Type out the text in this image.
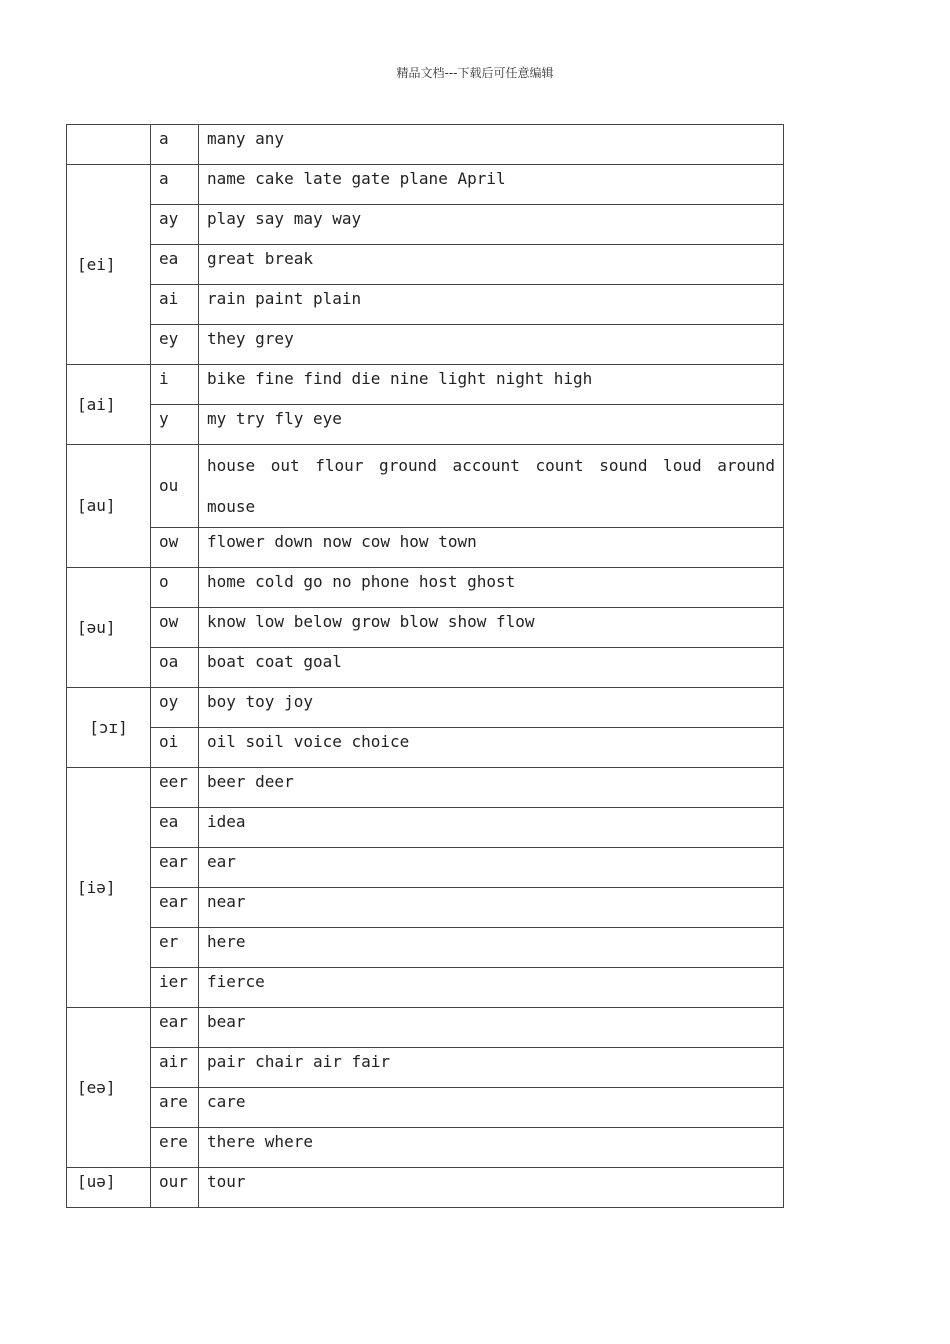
精品文档---下载后可任意编辑
	a	many any
[ei]	a	name cake late gate plane April
	ay	play say may way
	ea	great break
	ai	rain paint plain
	ey	they grey
[ai]	i	bike fine find die nine light night high
	y	my try fly eye
[au]	ou	house out flour ground account count sound loud around mouse
	ow	flower down now cow how town
[əu]	o	home cold go no phone host ghost
	ow	know low below grow blow show flow
	oa	boat coat goal
[ɔɪ]	oy	boy toy joy
	oi	oil soil voice choice
[iə]	eer	beer deer
	ea	idea
	ear	ear
	ear	near
	er	here
	ier	fierce
[eə]	ear	bear
	air	pair chair air fair
	are	care
	ere	there where
[uə]	our	tour
